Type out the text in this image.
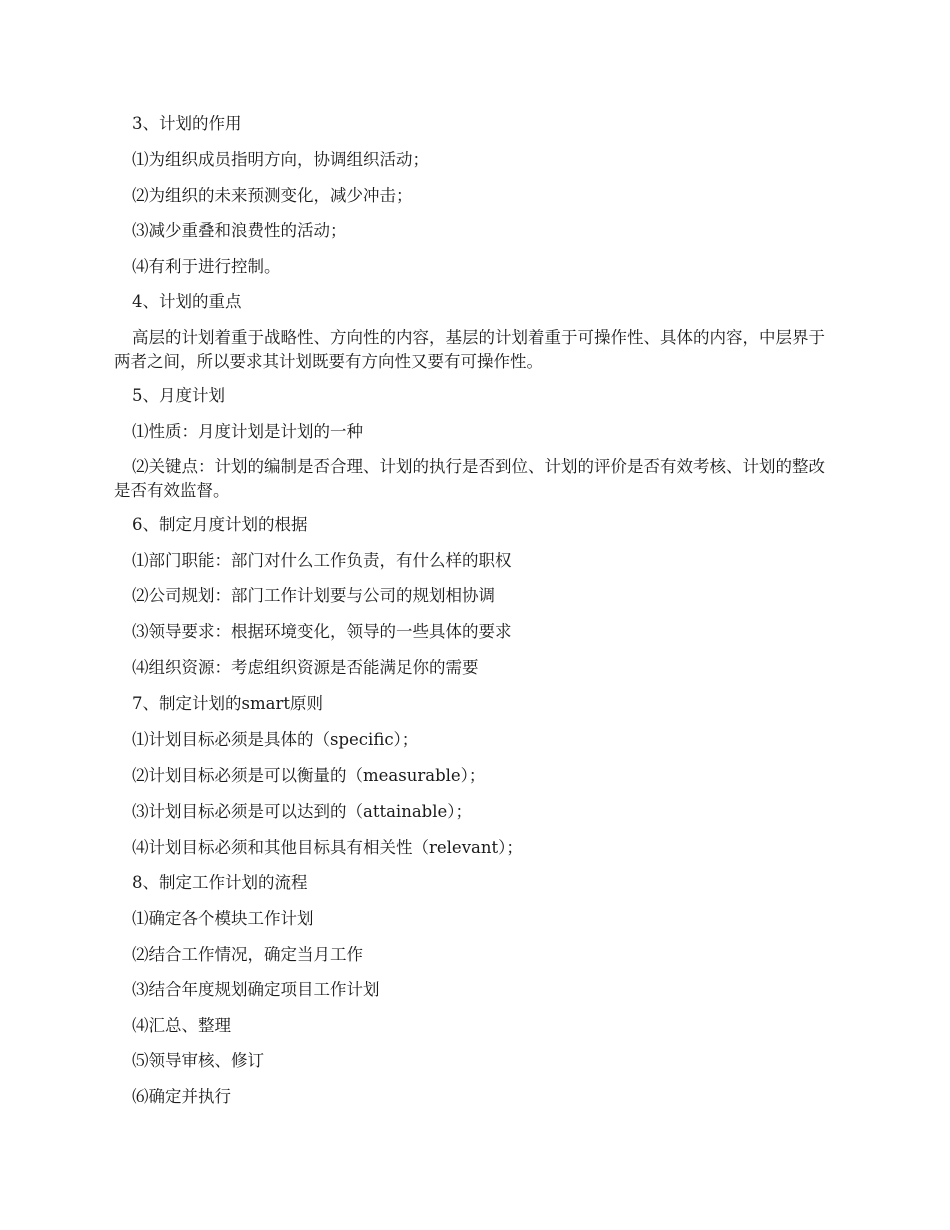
3、计划的作用
⑴为组织成员指明方向，协调组织活动；
⑵为组织的未来预测变化，减少冲击；
⑶减少重叠和浪费性的活动；
⑷有利于进行控制。
4、计划的重点
高层的计划着重于战略性、方向性的内容，基层的计划着重于可操作性、具体的内容，中层界于两者之间，所以要求其计划既要有方向性又要有可操作性。
5、月度计划
⑴性质：月度计划是计划的一种
⑵关键点：计划的编制是否合理、计划的执行是否到位、计划的评价是否有效考核、计划的整改是否有效监督。
6、制定月度计划的根据
⑴部门职能：部门对什么工作负责，有什么样的职权
⑵公司规划：部门工作计划要与公司的规划相协调
⑶领导要求：根据环境变化，领导的一些具体的要求
⑷组织资源：考虑组织资源是否能满足你的需要
7、制定计划的smart原则
⑴计划目标必须是具体的（specific）；
⑵计划目标必须是可以衡量的（measurable）；
⑶计划目标必须是可以达到的（attainable）；
⑷计划目标必须和其他目标具有相关性（relevant）；
8、制定工作计划的流程
⑴确定各个模块工作计划
⑵结合工作情况，确定当月工作
⑶结合年度规划确定项目工作计划
⑷汇总、整理
⑸领导审核、修订
⑹确定并执行
